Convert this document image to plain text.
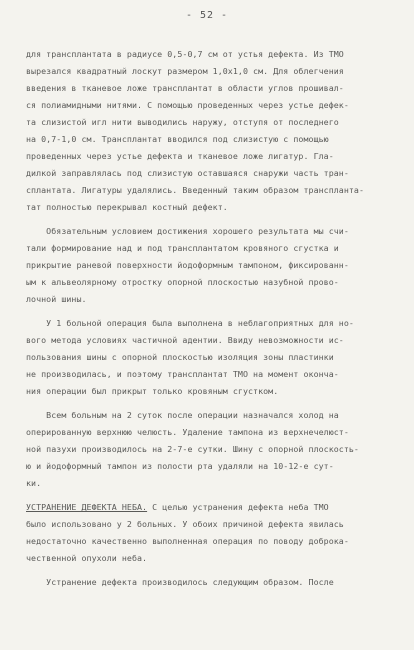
- 52 -
для трансплантата в радиусе 0,5-0,7 см от устья дефекта. Из ТМО
вырезался квадратный лоскут размером 1,0х1,0 см. Для облегчения
введения в тканевое ложе трансплантат в области углов прошивал-
ся полиамидными нитями. С помощью проведенных через устье дефек-
та слизистой игл нити выводились наружу, отступя от последнего
на 0,7-1,0 см. Трансплантат вводился под слизистую с помощью
проведенных через устье дефекта и тканевое ложе лигатур. Гла-
дилкой заправлялась под слизистую оставшаяся снаружи часть тран-
сплантата. Лигатуры удалялись. Введенный таким образом транспланта-
тат полностью перекрывал костный дефект.
Обязательным условием достижения хорошего результата мы счи-
тали формирование над и под трансплантатом кровяного сгустка и
прикрытие раневой поверхности йодоформным тампоном, фиксированн-
ым к альвеолярному отростку опорной плоскостью назубной прово-
лочной шины.
У 1 больной операция была выполнена в неблагоприятных для но-
вого метода условиях частичной адентии. Ввиду невозможности ис-
пользования шины с опорной плоскостью изоляция зоны пластинки
не производилась, и поэтому трансплантат ТМО на момент оконча-
ния операции был прикрыт только кровяным сгустком.
Всем больным на 2 суток после операции назначался холод на
оперированную верхнюю челюсть. Удаление тампона из верхнечелюст-
ной пазухи производилось на 2-7-е сутки. Шину с опорной плоскость-
ю и йодоформный тампон из полости рта удаляли на 10-12-е сут-
ки.
УСТРАНЕНИЕ ДЕФЕКТА НЕБА. С целью устранения дефекта неба ТМО
было использовано у 2 больных. У обоих причиной дефекта явилась
недостаточно качественно выполненная операция по поводу доброка-
чественной опухоли неба.
Устранение дефекта производилось следующим образом. После
